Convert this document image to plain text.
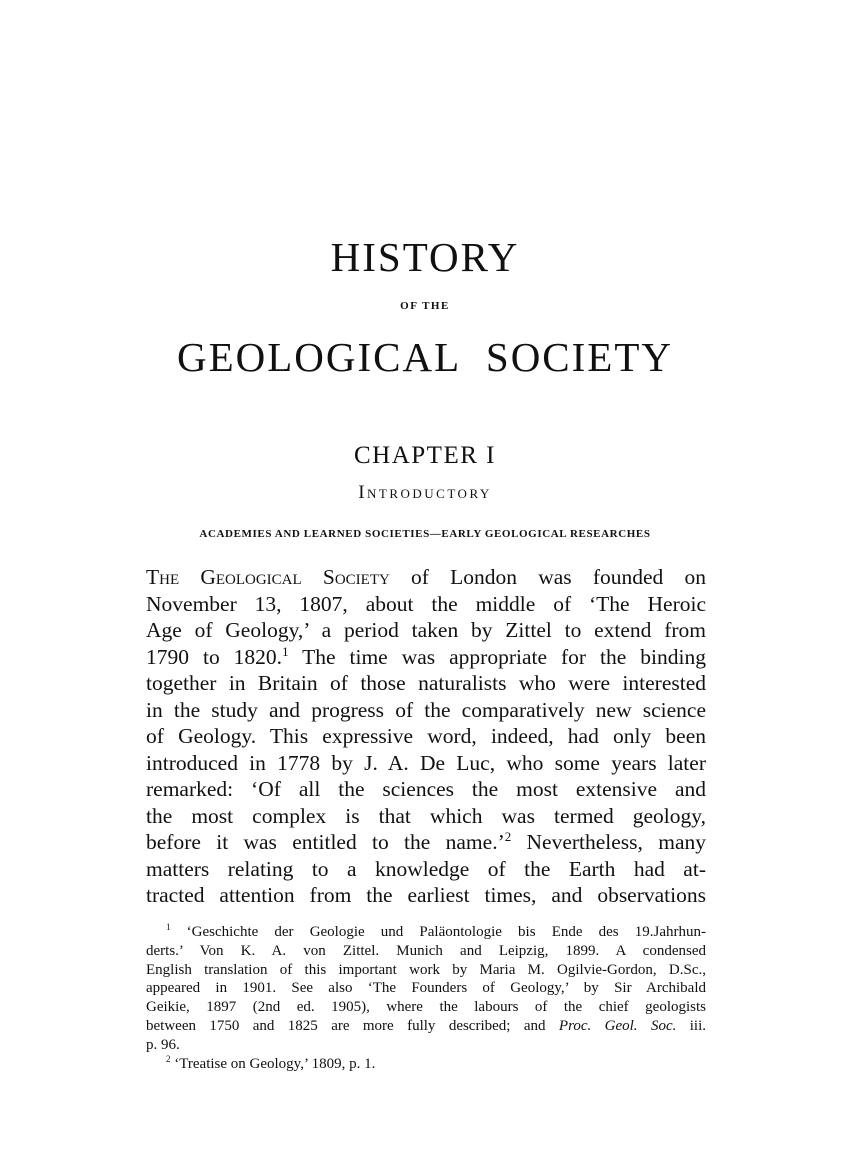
HISTORY
OF THE
GEOLOGICAL SOCIETY
CHAPTER I
Introductory
ACADEMIES AND LEARNED SOCIETIES—EARLY GEOLOGICAL RESEARCHES
The Geological Society of London was founded on
November 13, 1807, about the middle of ‘The Heroic
Age of Geology,’ a period taken by Zittel to extend from
1790 to 1820.$^1$ The time was appropriate for the binding
together in Britain of those naturalists who were interested
in the study and progress of the comparatively new science
of Geology. This expressive word, indeed, had only been
introduced in 1778 by J. A. De Luc, who some years later
remarked: ‘Of all the sciences the most extensive and
the most complex is that which was termed geology,
before it was entitled to the name.’$^2$ Nevertheless, many
matters relating to a knowledge of the Earth had at-
tracted attention from the earliest times, and observations
$^1$ ‘Geschichte der Geologie und Paläontologie bis Ende des 19.Jahrhun-
derts.’ Von K. A. von Zittel. Munich and Leipzig, 1899. A condensed
English translation of this important work by Maria M. Ogilvie-Gordon, D.Sc.,
appeared in 1901. See also ‘The Founders of Geology,’ by Sir Archibald
Geikie, 1897 (2nd ed. 1905), where the labours of the chief geologists
between 1750 and 1825 are more fully described; and Proc. Geol. Soc. iii.
p. 96.
$^2$ ‘Treatise on Geology,’ 1809, p. 1.
